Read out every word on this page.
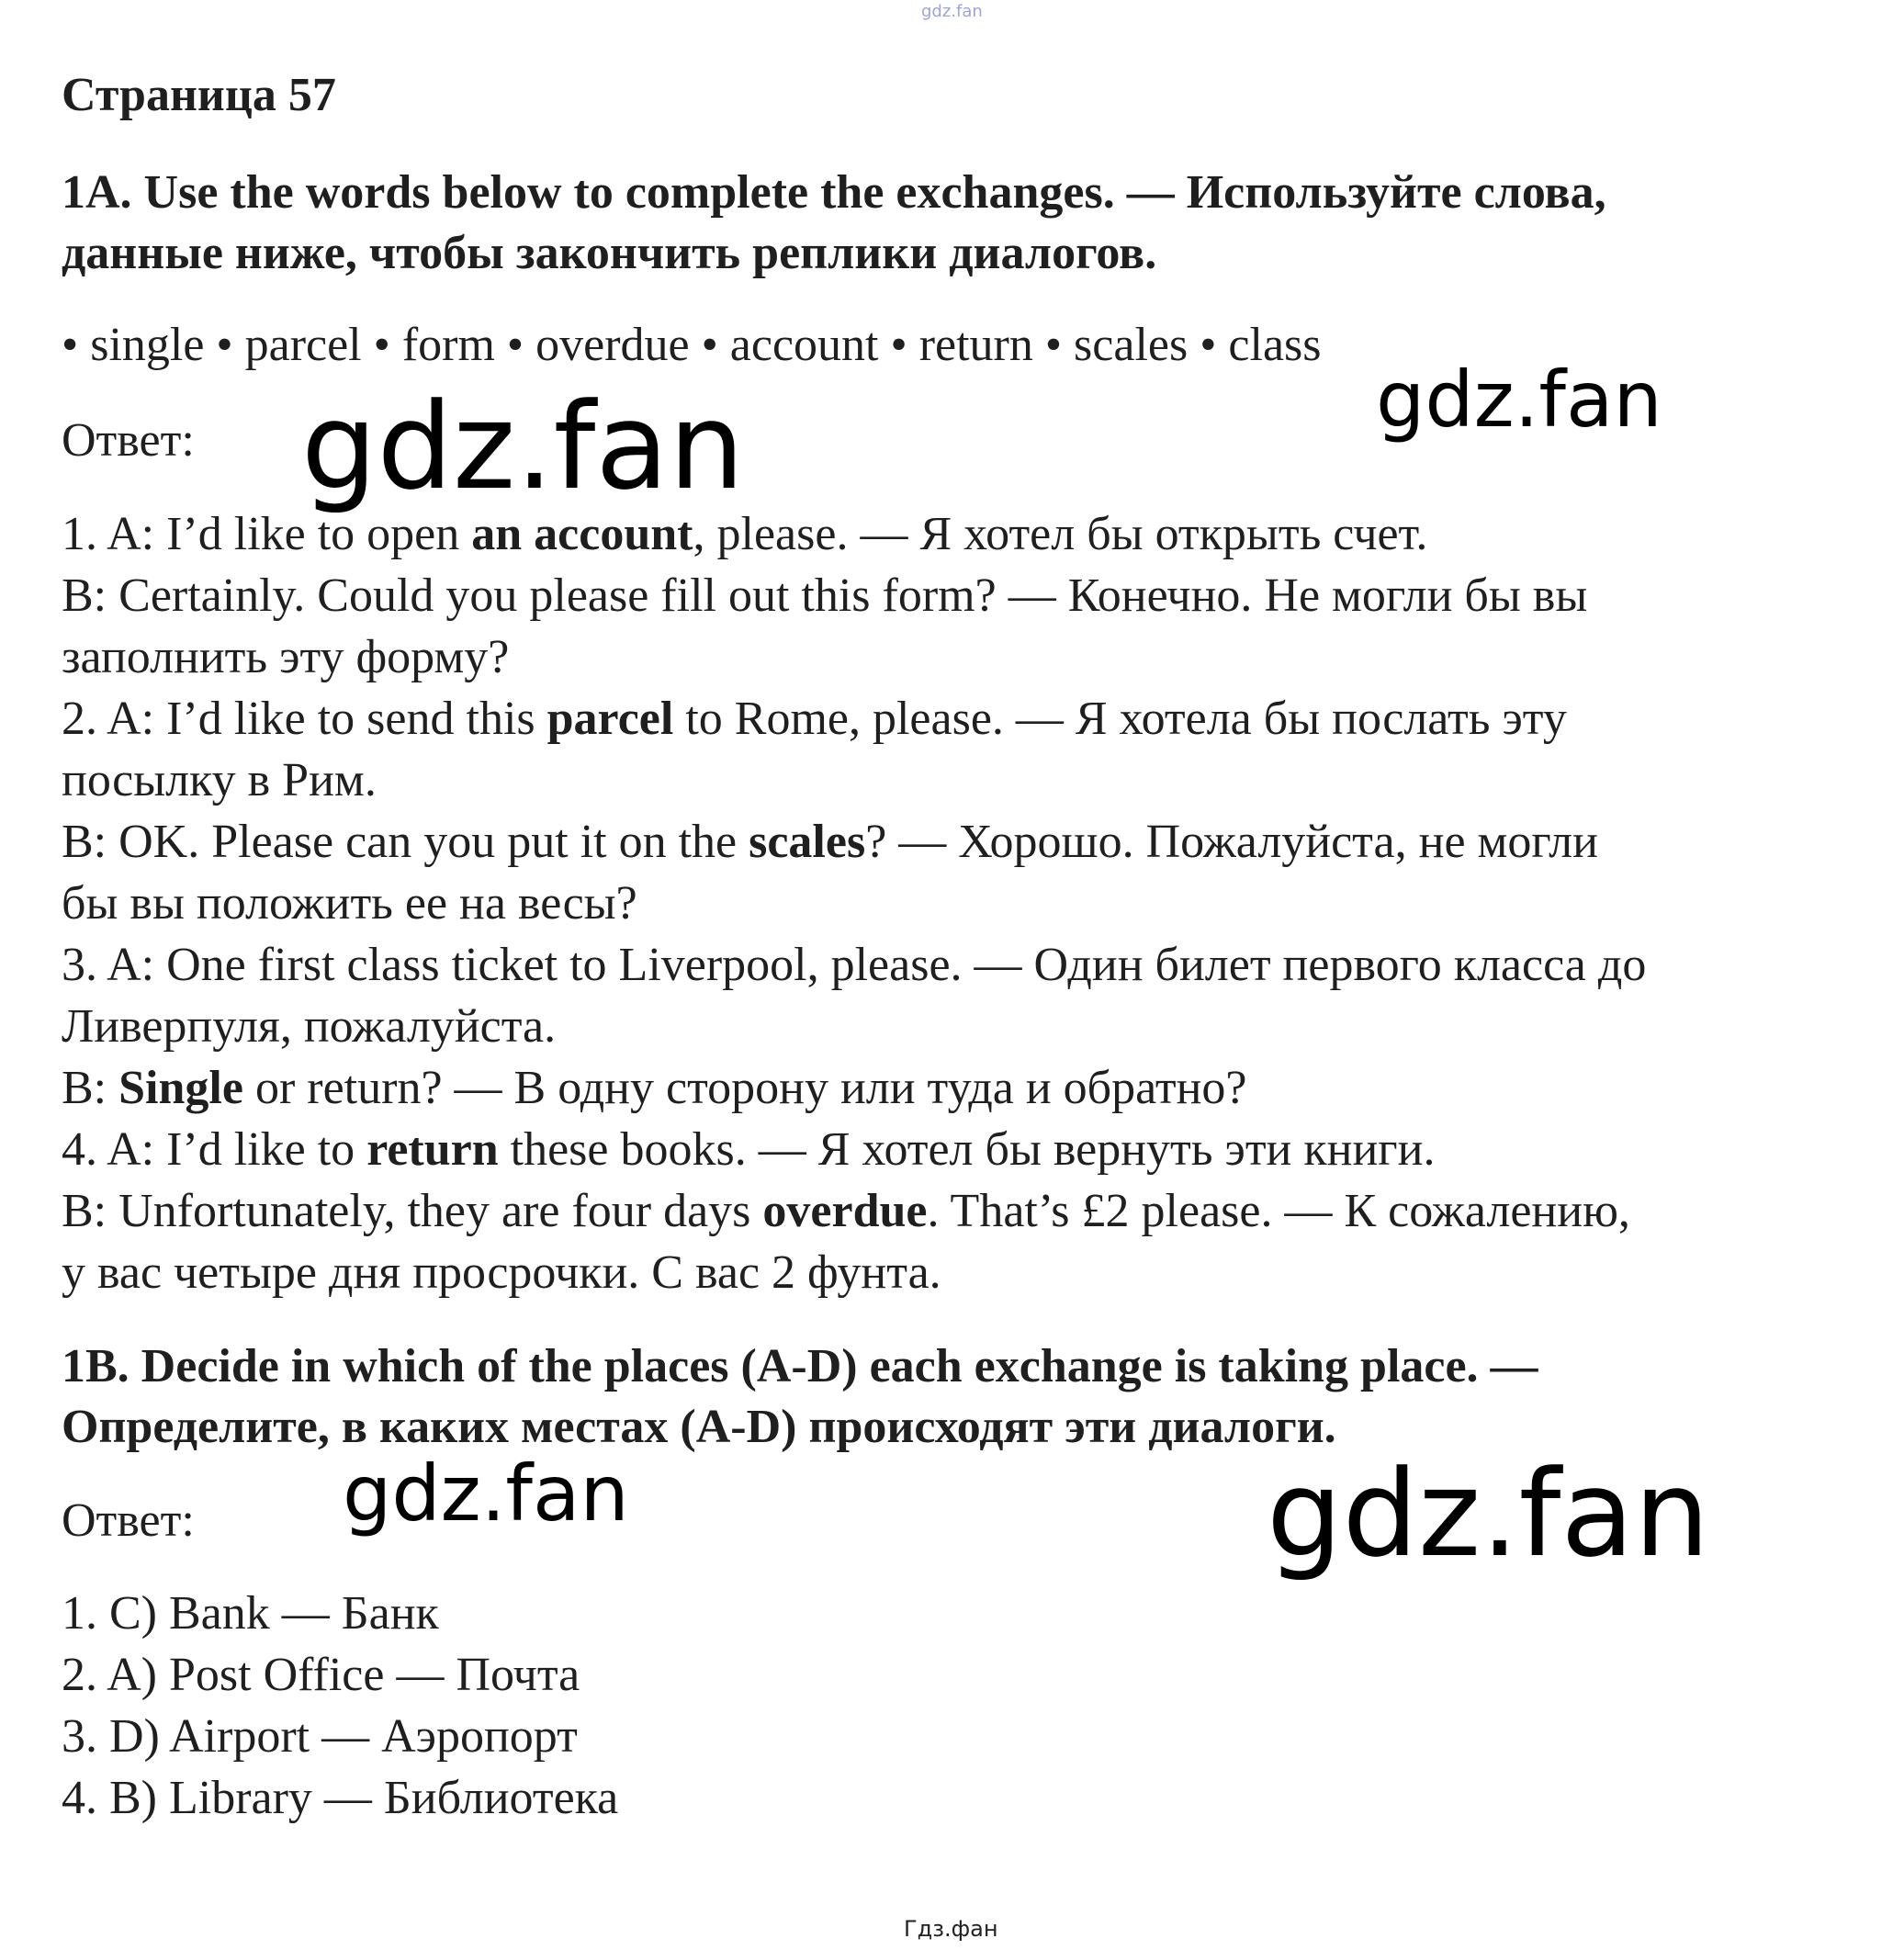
gdz.fan
Страница 57
1A. Use the words below to complete the exchanges. — Используйте слова,
данные ниже, чтобы закончить реплики диалогов.
• single • parcel • form • overdue • account • return • scales • class
Ответ:
1. A: I’d like to open an account, please. — Я хотел бы открыть счет.
B: Certainly. Could you please fill out this form? — Конечно. Не могли бы вы
заполнить эту форму?
2. A: I’d like to send this parcel to Rome, please. — Я хотела бы послать эту
посылку в Рим.
B: OK. Please can you put it on the scales? — Хорошо. Пожалуйста, не могли
бы вы положить ее на весы?
3. A: One first class ticket to Liverpool, please. — Один билет первого класса до
Ливерпуля, пожалуйста.
B: Single or return? — В одну сторону или туда и обратно?
4. A: I’d like to return these books. — Я хотел бы вернуть эти книги.
B: Unfortunately, they are four days overdue. That’s £2 please. — К сожалению,
у вас четыре дня просрочки. С вас 2 фунта.
1B. Decide in which of the places (A-D) each exchange is taking place. —
Определите, в каких местах (A-D) происходят эти диалоги.
Ответ:
1. C) Bank — Банк
2. A) Post Office — Почта
3. D) Airport — Аэропорт
4. B) Library — Библиотека
gdz.fan	gdz.fan
gdz.fan	gdz.fan
Гдз.фан
